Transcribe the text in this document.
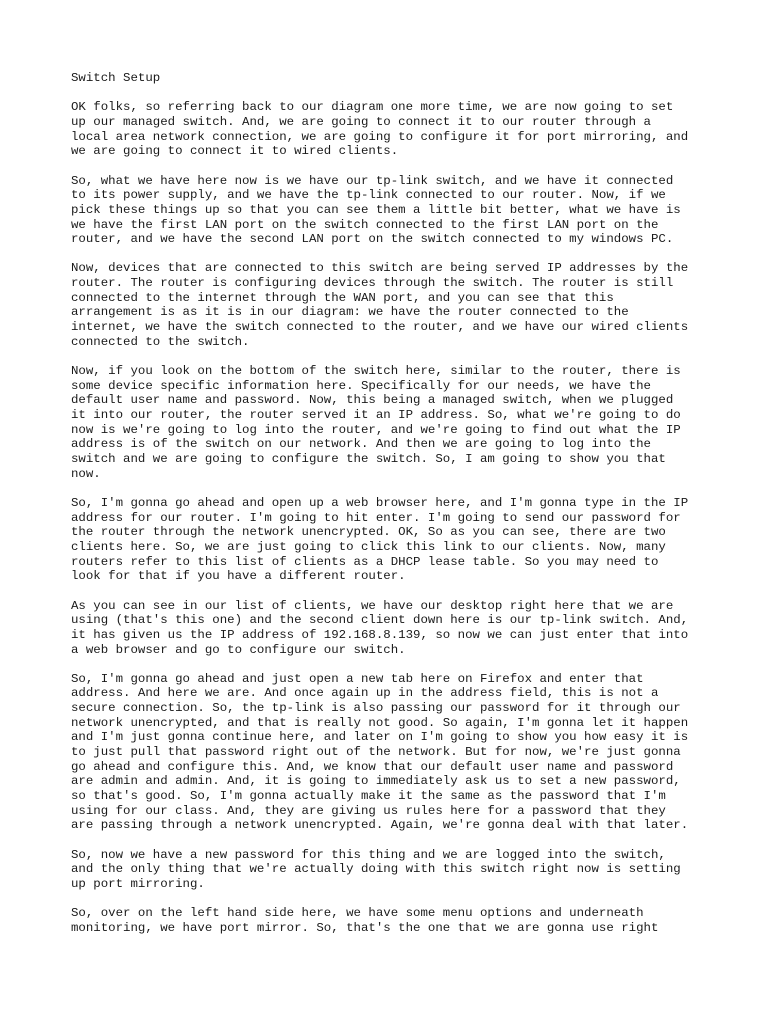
Switch Setup
OK folks, so referring back to our diagram one more time, we are now going to set
up our managed switch. And, we are going to connect it to our router through a
local area network connection, we are going to configure it for port mirroring, and
we are going to connect it to wired clients.
So, what we have here now is we have our tp-link switch, and we have it connected
to its power supply, and we have the tp-link connected to our router. Now, if we
pick these things up so that you can see them a little bit better, what we have is
we have the first LAN port on the switch connected to the first LAN port on the
router, and we have the second LAN port on the switch connected to my windows PC.
Now, devices that are connected to this switch are being served IP addresses by the
router. The router is configuring devices through the switch. The router is still
connected to the internet through the WAN port, and you can see that this
arrangement is as it is in our diagram: we have the router connected to the
internet, we have the switch connected to the router, and we have our wired clients
connected to the switch.
Now, if you look on the bottom of the switch here, similar to the router, there is
some device specific information here. Specifically for our needs, we have the
default user name and password. Now, this being a managed switch, when we plugged
it into our router, the router served it an IP address. So, what we're going to do
now is we're going to log into the router, and we're going to find out what the IP
address is of the switch on our network. And then we are going to log into the
switch and we are going to configure the switch. So, I am going to show you that
now.
So, I'm gonna go ahead and open up a web browser here, and I'm gonna type in the IP
address for our router. I'm going to hit enter. I'm going to send our password for
the router through the network unencrypted. OK, So as you can see, there are two
clients here. So, we are just going to click this link to our clients. Now, many
routers refer to this list of clients as a DHCP lease table. So you may need to
look for that if you have a different router.
As you can see in our list of clients, we have our desktop right here that we are
using (that's this one) and the second client down here is our tp-link switch. And,
it has given us the IP address of 192.168.8.139, so now we can just enter that into
a web browser and go to configure our switch.
So, I'm gonna go ahead and just open a new tab here on Firefox and enter that
address. And here we are. And once again up in the address field, this is not a
secure connection. So, the tp-link is also passing our password for it through our
network unencrypted, and that is really not good. So again, I'm gonna let it happen
and I'm just gonna continue here, and later on I'm going to show you how easy it is
to just pull that password right out of the network. But for now, we're just gonna
go ahead and configure this. And, we know that our default user name and password
are admin and admin. And, it is going to immediately ask us to set a new password,
so that's good. So, I'm gonna actually make it the same as the password that I'm
using for our class. And, they are giving us rules here for a password that they
are passing through a network unencrypted. Again, we're gonna deal with that later.
So, now we have a new password for this thing and we are logged into the switch,
and the only thing that we're actually doing with this switch right now is setting
up port mirroring.
So, over on the left hand side here, we have some menu options and underneath
monitoring, we have port mirror. So, that's the one that we are gonna use right
